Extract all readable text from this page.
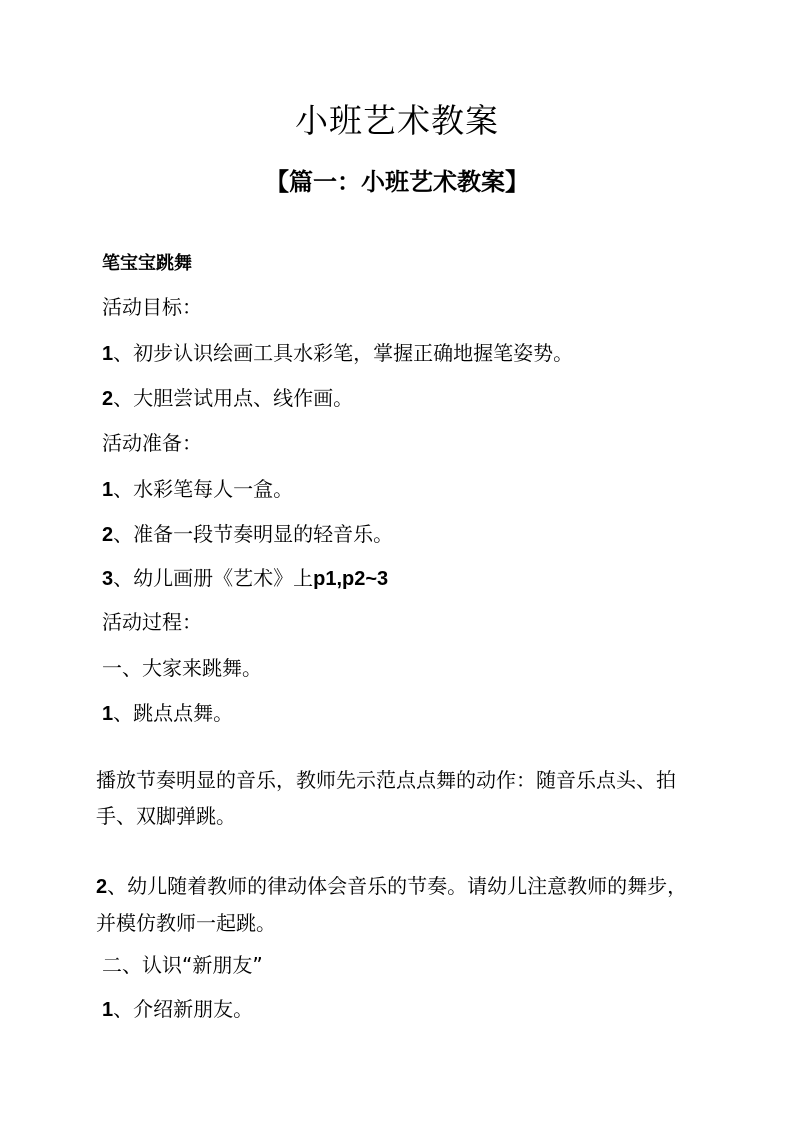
小班艺术教案
【篇一：小班艺术教案】

笔宝宝跳舞

活动目标：

1、初步认识绘画工具水彩笔，掌握正确地握笔姿势。

2、大胆尝试用点、线作画。

活动准备：

1、水彩笔每人一盒。

2、准备一段节奏明显的轻音乐。

3、幼儿画册《艺术》上p1,p2~3

活动过程：

一、大家来跳舞。

1、跳点点舞。

播放节奏明显的音乐，教师先示范点点舞的动作：随音乐点头、拍手、双脚弹跳。

2、幼儿随着教师的律动体会音乐的节奏。请幼儿注意教师的舞步，并模仿教师一起跳。

二、认识“新朋友”

1、介绍新朋友。
